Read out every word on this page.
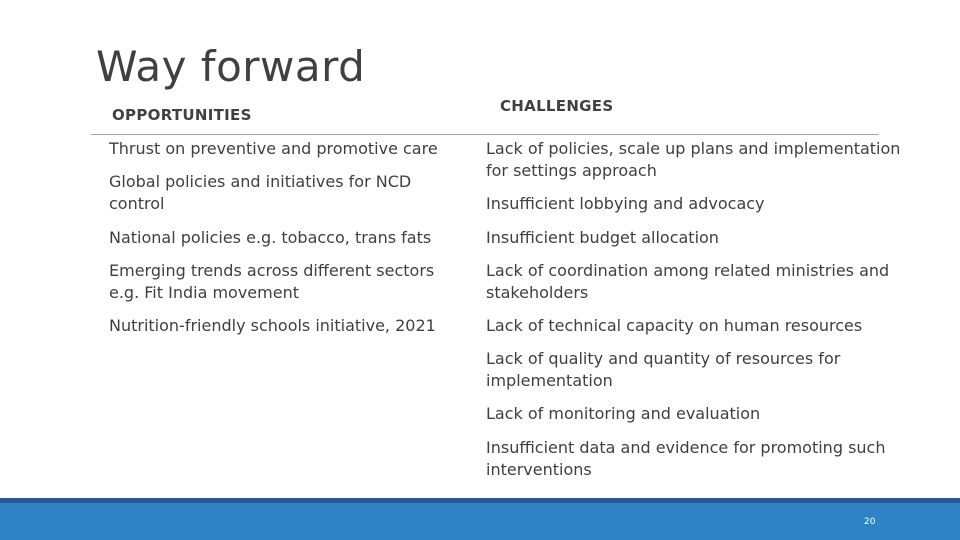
Way forward
OPPORTUNITIES	CHALLENGES

Thrust on preventive and promotive care

Global policies and initiatives for NCD control

National policies e.g. tobacco, trans fats

Emerging trends across different sectors e.g. Fit India movement

Nutrition-friendly schools initiative, 2021

Lack of policies, scale up plans and implementation for settings approach

Insufficient lobbying and advocacy

Insufficient budget allocation

Lack of coordination among related ministries and stakeholders

Lack of technical capacity on human resources

Lack of quality and quantity of resources for implementation

Lack of monitoring and evaluation

Insufficient data and evidence for promoting such interventions

20
